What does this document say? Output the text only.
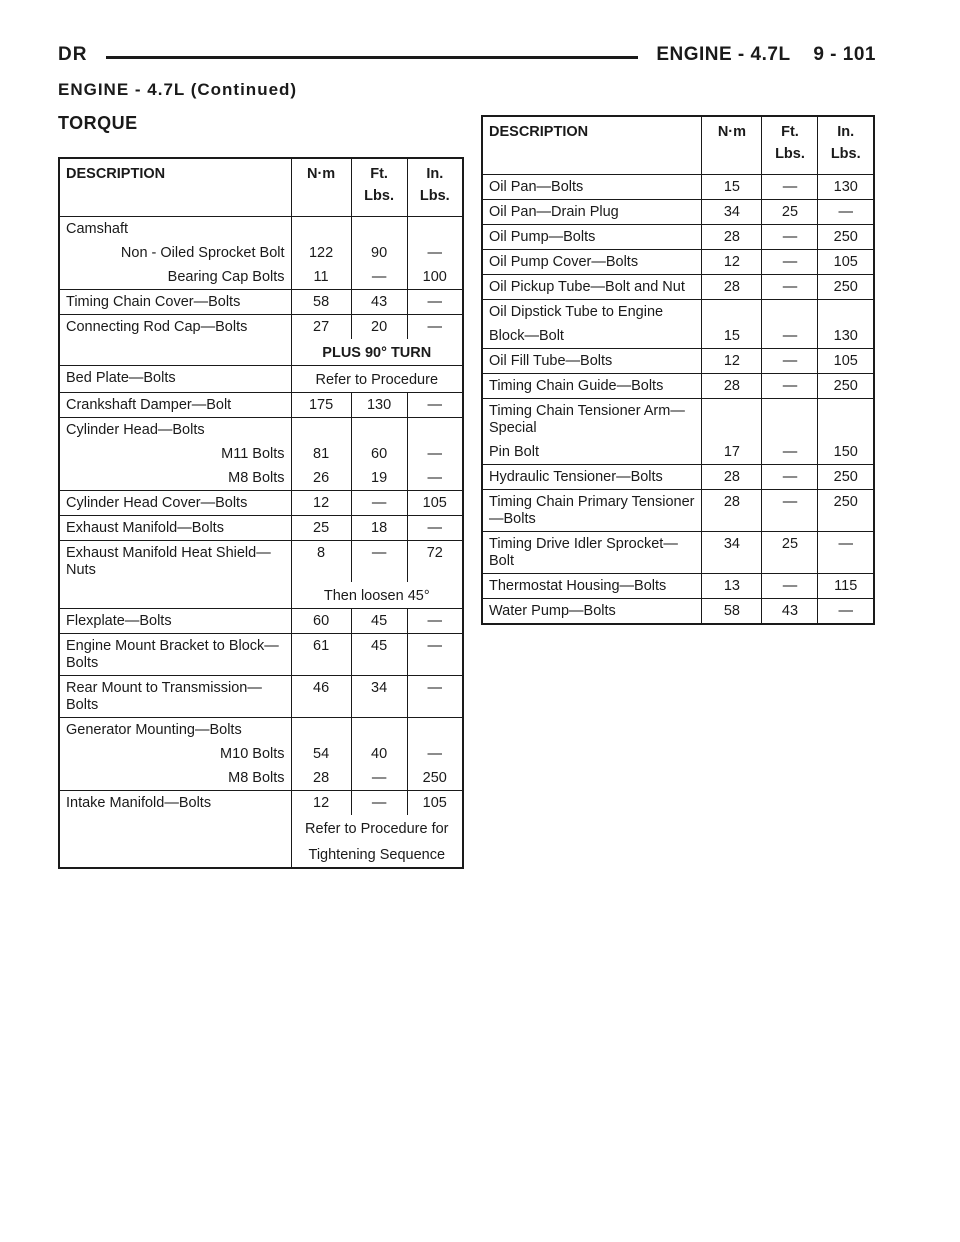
DR	ENGINE - 4.7L    9 - 101
ENGINE - 4.7L (Continued)
TORQUE
DESCRIPTION	N·m	Ft.	In.
		Lbs.	Lbs.
Camshaft			
Non - Oiled Sprocket Bolt	122	90	—
Bearing Cap Bolts	11	—	100
Timing Chain Cover—Bolts	58	43	—
Connecting Rod Cap—Bolts	27	20	—
	PLUS 90° TURN		
Bed Plate—Bolts	Refer to Procedure		
Crankshaft Damper—Bolt	175	130	—
Cylinder Head—Bolts			
M11 Bolts	81	60	—
M8 Bolts	26	19	—
Cylinder Head Cover—Bolts	12	—	105
Exhaust Manifold—Bolts	25	18	—
Exhaust Manifold Heat Shield—Nuts	8	—	72
	Then loosen 45°		
Flexplate—Bolts	60	45	—
Engine Mount Bracket to Block—Bolts	61	45	—
Rear Mount to Transmission—Bolts	46	34	—
Generator Mounting—Bolts			
M10 Bolts	54	40	—
M8 Bolts	28	—	250
Intake Manifold—Bolts	12	—	105
	Refer to Procedure for		
	Tightening Sequence		
DESCRIPTION	N·m	Ft.	In.
		Lbs.	Lbs.
Oil Pan—Bolts	15	—	130
Oil Pan—Drain Plug	34	25	—
Oil Pump—Bolts	28	—	250
Oil Pump Cover—Bolts	12	—	105
Oil Pickup Tube—Bolt and Nut	28	—	250
Oil Dipstick Tube to Engine			
Block—Bolt	15	—	130
Oil Fill Tube—Bolts	12	—	105
Timing Chain Guide—Bolts	28	—	250
Timing Chain Tensioner Arm—Special			
Pin Bolt	17	—	150
Hydraulic Tensioner—Bolts	28	—	250
Timing Chain Primary Tensioner—Bolts	28	—	250
Timing Drive Idler Sprocket—Bolt	34	25	—
Thermostat Housing—Bolts	13	—	115
Water Pump—Bolts	58	43	—
